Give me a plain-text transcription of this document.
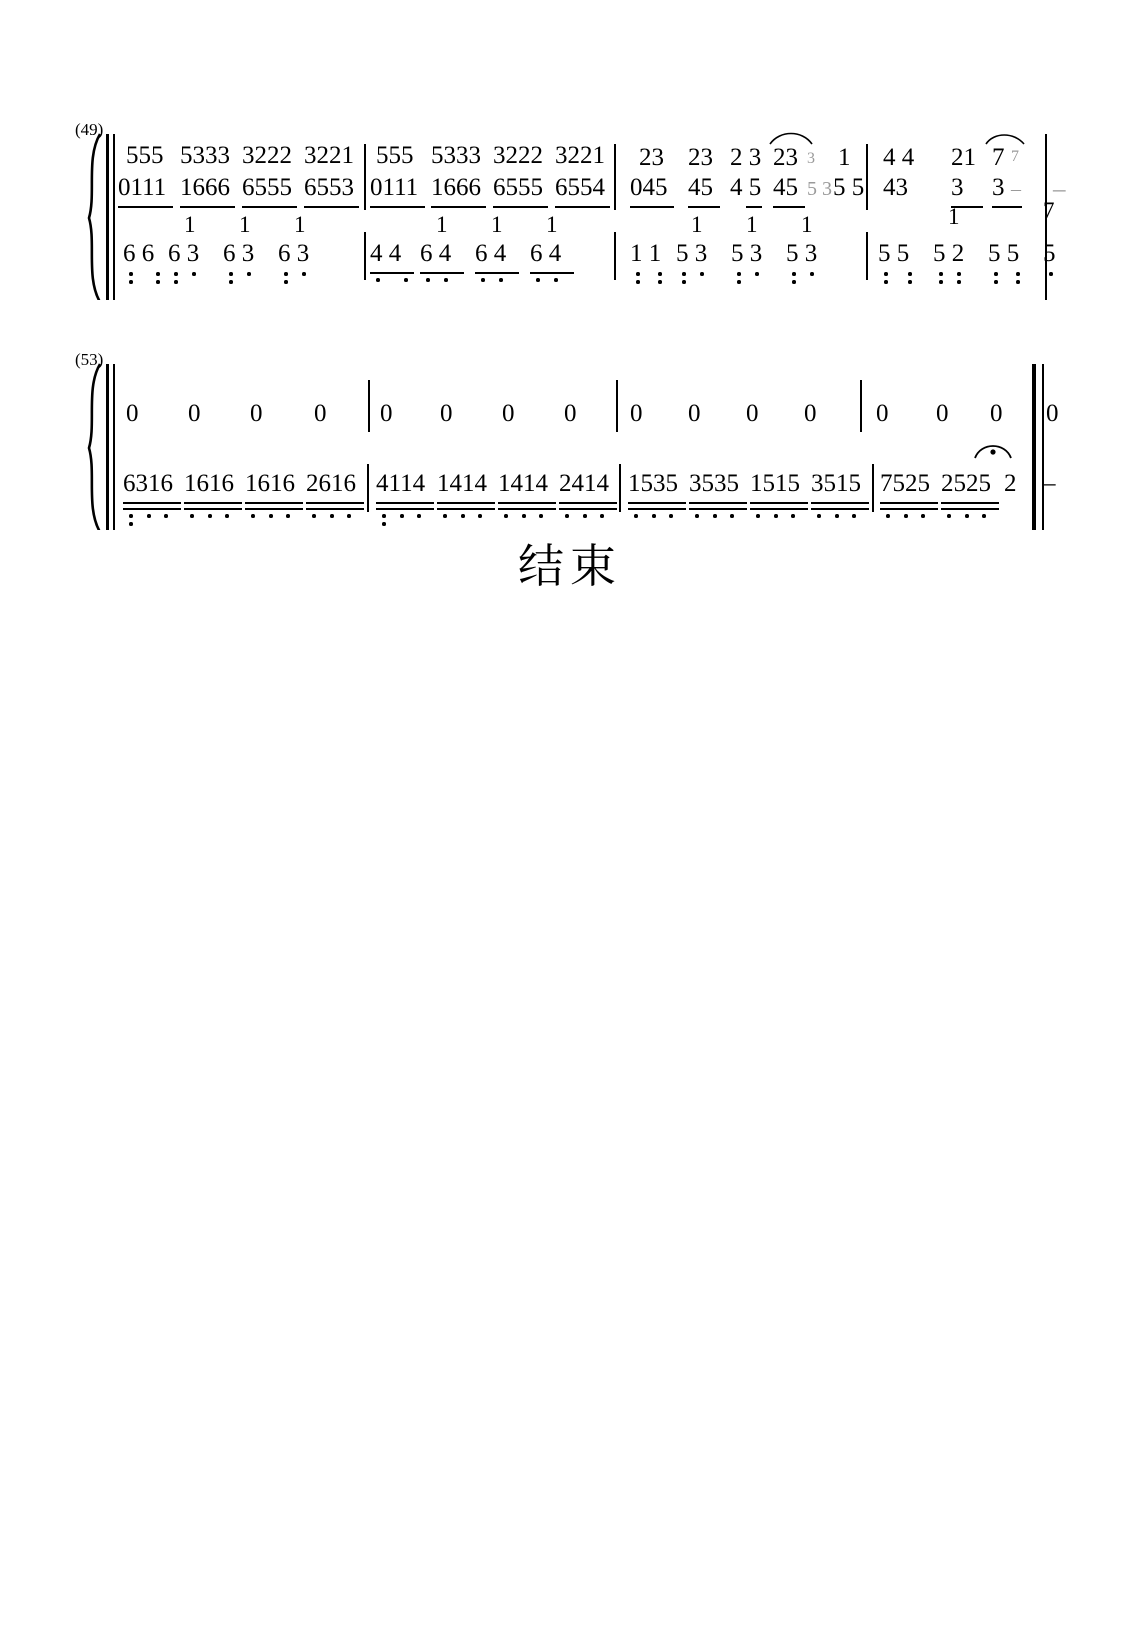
(49)
555
0111
5333
1666
3222
6555
3221
6553
555
0111
5333
1666
3222
6555
3221
6554
23
045
23
45
2 3
4 5
23
45
3
5 3
1
5 5
4 4
43
21
3
7
3
7
– –
6 6
1
6 3
1
6 3
1
6 3 4 4
1
6 4
1
6 4
1
6 4	1 1
1
5 3
1
5 3
1
5 3 5 5
1
5 2 5 5
7
5
(53)
0 0 0 0 0 0 0 0 0 0 0 0 0 0 0 0
6316 1616 1616 2616 4114 1414 1414 2414 1535 3535 1515 3515 7525 2525 2 –
结束
